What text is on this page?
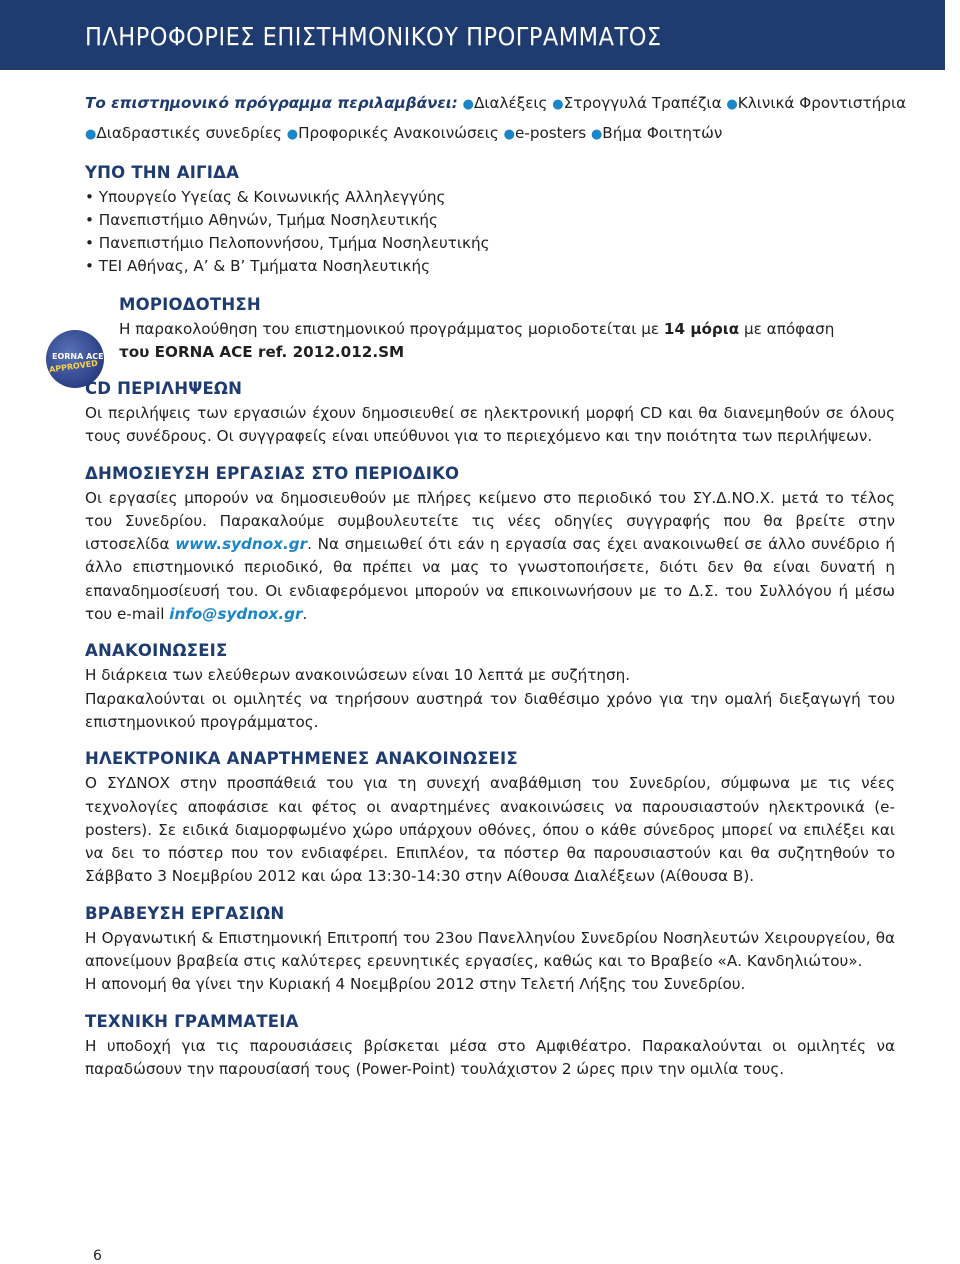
ΠΛΗΡΟΦΟΡΙΕΣ ΕΠΙΣΤΗΜΟΝΙΚΟΥ ΠΡΟΓΡΑΜΜΑΤΟΣ
EORNA ACE
APPROVED
Το επιστημονικό πρόγραμμα περιλαμβάνει: ●Διαλέξεις ●Στρογγυλά Τραπέζια ●Κλινικά Φροντιστήρια
●Διαδραστικές συνεδρίες ●Προφορικές Ανακοινώσεις ●e-posters ●Βήμα Φοιτητών
ΥΠΟ ΤΗΝ ΑΙΓΙΔΑ
• Υπουργείο Υγείας & Κοινωνικής Αλληλεγγύης
• Πανεπιστήμιο Αθηνών, Τμήμα Νοσηλευτικής
• Πανεπιστήμιο Πελοποννήσου, Τμήμα Νοσηλευτικής
• ΤΕΙ Αθήνας, Α’ & Β’ Τμήματα Νοσηλευτικής
ΜΟΡΙΟΔΟΤΗΣΗ
Η παρακολούθηση του επιστημονικού προγράμματος μοριοδοτείται με 14 μόρια με απόφαση
του EORNA ACE ref. 2012.012.SM
CD ΠΕΡΙΛΗΨΕΩΝ
Οι περιλήψεις των εργασιών έχουν δημοσιευθεί σε ηλεκτρονική μορφή CD και θα διανεμηθούν σε όλους τους συνέδρους. Οι συγγραφείς είναι υπεύθυνοι για το περιεχόμενο και την ποιότητα των περιλήψεων.
ΔΗΜΟΣΙΕΥΣΗ ΕΡΓΑΣΙΑΣ ΣΤΟ ΠΕΡΙΟΔΙΚΟ
Οι εργασίες μπορούν να δημοσιευθούν με πλήρες κείμενο στο περιοδικό του ΣΥ.Δ.ΝΟ.Χ. μετά το τέλος του Συνεδρίου. Παρακαλούμε συμβουλευτείτε τις νέες οδηγίες συγγραφής που θα βρείτε στην ιστοσελίδα www.sydnox.gr. Να σημειωθεί ότι εάν η εργασία σας έχει ανακοινωθεί σε άλλο συνέδριο ή άλλο επιστημονικό περιοδικό, θα πρέπει να μας το γνωστοποιήσετε, διότι δεν θα είναι δυνατή η επαναδημοσίευσή του. Οι ενδιαφερόμενοι μπορούν να επικοινωνήσουν με το Δ.Σ. του Συλλόγου ή μέσω του e-mail info@sydnox.gr.
ΑΝΑΚΟΙΝΩΣΕΙΣ
Η διάρκεια των ελεύθερων ανακοινώσεων είναι 10 λεπτά με συζήτηση.
Παρακαλούνται οι ομιλητές να τηρήσουν αυστηρά τον διαθέσιμο χρόνο για την ομαλή διεξαγωγή του επιστημονικού προγράμματος.
ΗΛΕΚΤΡΟΝΙΚΑ ΑΝΑΡΤΗΜΕΝΕΣ ΑΝΑΚΟΙΝΩΣΕΙΣ
Ο ΣΥΔΝΟΧ στην προσπάθειά του για τη συνεχή αναβάθμιση του Συνεδρίου, σύμφωνα με τις νέες τεχνολογίες αποφάσισε και φέτος οι αναρτημένες ανακοινώσεις να παρουσιαστούν ηλεκτρονικά (e-posters). Σε ειδικά διαμορφωμένο χώρο υπάρχουν οθόνες, όπου ο κάθε σύνεδρος μπορεί να επιλέξει και να δει το πόστερ που τον ενδιαφέρει. Επιπλέον, τα πόστερ θα παρουσιαστούν και θα συζητηθούν το Σάββατο 3 Νοεμβρίου 2012 και ώρα 13:30-14:30 στην Αίθουσα Διαλέξεων (Αίθουσα Β).
ΒΡΑΒΕΥΣΗ ΕΡΓΑΣΙΩΝ
Η Οργανωτική & Επιστημονική Επιτροπή του 23ου Πανελληνίου Συνεδρίου Νοσηλευτών Χειρουργείου, θα απονείμουν βραβεία στις καλύτερες ερευνητικές εργασίες, καθώς και το Βραβείο «Α. Κανδηλιώτου».
Η απονομή θα γίνει την Κυριακή 4 Νοεμβρίου 2012 στην Τελετή Λήξης του Συνεδρίου.
ΤΕΧΝΙΚΗ ΓΡΑΜΜΑΤΕΙΑ
Η υποδοχή για τις παρουσιάσεις βρίσκεται μέσα στο Αμφιθέατρο. Παρακαλούνται οι ομιλητές να παραδώσουν την παρουσίασή τους (Power-Point) τουλάχιστον 2 ώρες πριν την ομιλία τους.
6
